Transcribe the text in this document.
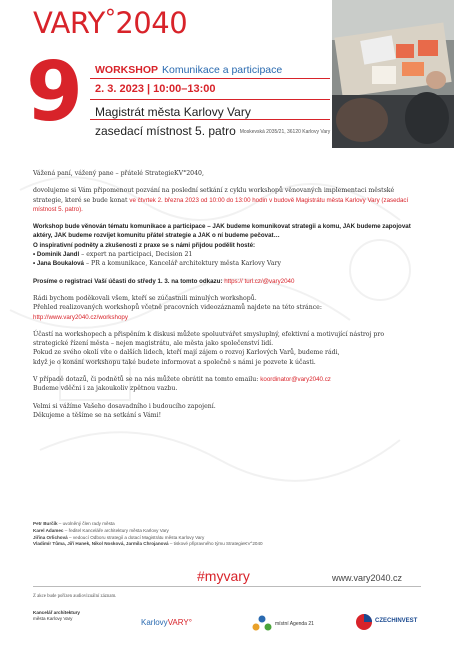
VARY°2040
9 WORKSHOP Komunikace a participace
2. 3. 2023 | 10:00–13:00
Magistrát města Karlovy Vary
zasedací místnost 5. patro Moskevská 2035/21, 36120 Karlovy Vary

Vážená paní, vážený pane – přátelé StrategieKV°2040,

dovolujeme si Vám připomenout pozvání na poslední setkání z cyklu workshopů věnovaných implementaci městské strategie, které se bude konat ve čtvrtek 2. března 2023 od 10:00 do 13:00 hodin v budově Magistrátu města Karlovy Vary (zasedací místnost 5. patro).

Workshop bude věnován tématu komunikace a participace – JAK budeme komunikovat strategii a komu, JAK budeme zapojovat aktéry, JAK budeme rozvíjet komunitu přátel strategie a JAK o ní budeme pečovat…
O inspirativní podněty a zkušenosti z praxe se s námi přijdou podělit hosté:
• Dominik Jandl – expert na participaci, Decision 21
• Jana Boukalová – PR a komunikace, Kancelář architektury města Karlovy Vary

Prosíme o registraci Vaší účasti do středy 1. 3. na tomto odkazu: https:// turl.cz/@vary2040

Rádi bychom poděkovali všem, kteří se zúčastnili minulých workshopů.
Přehled realizovaných workshopů včetně pracovních videozáznamů najdete na této stránce:
http://www.vary2040.cz/workshopy

Účastí na workshopech a přispěním k diskusi můžete spoluutvářet smysluplný, efektivní a motivující nástroj pro strategické řízení města – nejen magistrátu, ale města jako společenství lidí.
Pokud ze svého okolí víte o dalších lidech, kteří mají zájem o rozvoj Karlových Varů, budeme rádi,
když je o konání workshopu také budete informovat a společně s námi je pozvete k účasti.

V případě dotazů, či podnětů se na nás můžete obrátit na tomto emailu: koordinator@vary2040.cz
Budeme vděčni i za jakoukoliv zpětnou vazbu.

Velmi si vážíme Vašeho dosavadního i budoucího zapojení.
Děkujeme a těšíme se na setkání s Vámi!

Petr Burčík – uvolněný člen rady města
Karel Adamec – ředitel Kanceláře architektury města Karlovy Vary
Jiřina Orlichová – vedoucí Odboru strategií a dotací Magistrátu města Karlovy Vary
Vladimír Tůma, Jiří Hanek, Nikol Nosková, Jarmila Chrojanová – tiskové připravného týmu StrategieKV°2040
#myvary	www.vary2040.cz
Z akce bude pořízen audiovizuální záznam.
Kancelář architektury
města Karlovy Vary	KarlovyVARY°	místní Agenda 21	CZECHINVEST
